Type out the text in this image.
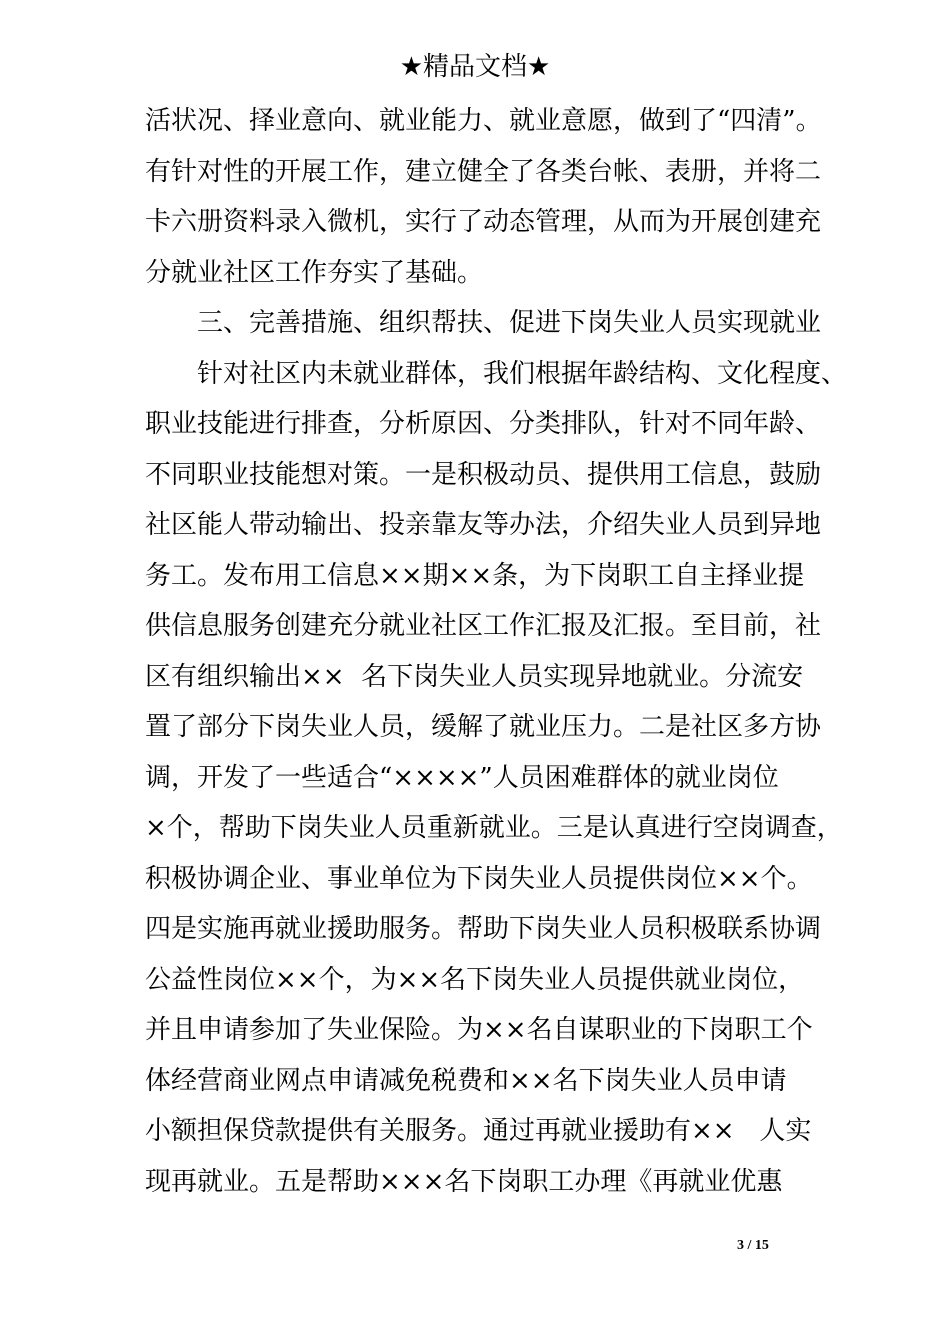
★精品文档★
活状况、择业意向、就业能力、就业意愿，做到了“四清”。
有针对性的开展工作，建立健全了各类台帐、表册，并将二
卡六册资料录入微机，实行了动态管理，从而为开展创建充
分就业社区工作夯实了基础。
三、完善措施、组织帮扶、促进下岗失业人员实现就业
针对社区内未就业群体，我们根据年龄结构、文化程度、
职业技能进行排查，分析原因、分类排队，针对不同年龄、
不同职业技能想对策。一是积极动员、提供用工信息，鼓励
社区能人带动输出、投亲靠友等办法，介绍失业人员到异地
务工。发布用工信息××期××条，为下岗职工自主择业提
供信息服务创建充分就业社区工作汇报及汇报。至目前，社
区有组织输出××  名下岗失业人员实现异地就业。分流安
置了部分下岗失业人员，缓解了就业压力。二是社区多方协
调，开发了一些适合“××××”人员困难群体的就业岗位
×个，帮助下岗失业人员重新就业。三是认真进行空岗调查，
积极协调企业、事业单位为下岗失业人员提供岗位××个。
四是实施再就业援助服务。帮助下岗失业人员积极联系协调
公益性岗位××个，为××名下岗失业人员提供就业岗位，
并且申请参加了失业保险。为××名自谋职业的下岗职工个
体经营商业网点申请减免税费和××名下岗失业人员申请
小额担保贷款提供有关服务。通过再就业援助有××   人实
现再就业。五是帮助×××名下岗职工办理《再就业优惠
3 / 15
